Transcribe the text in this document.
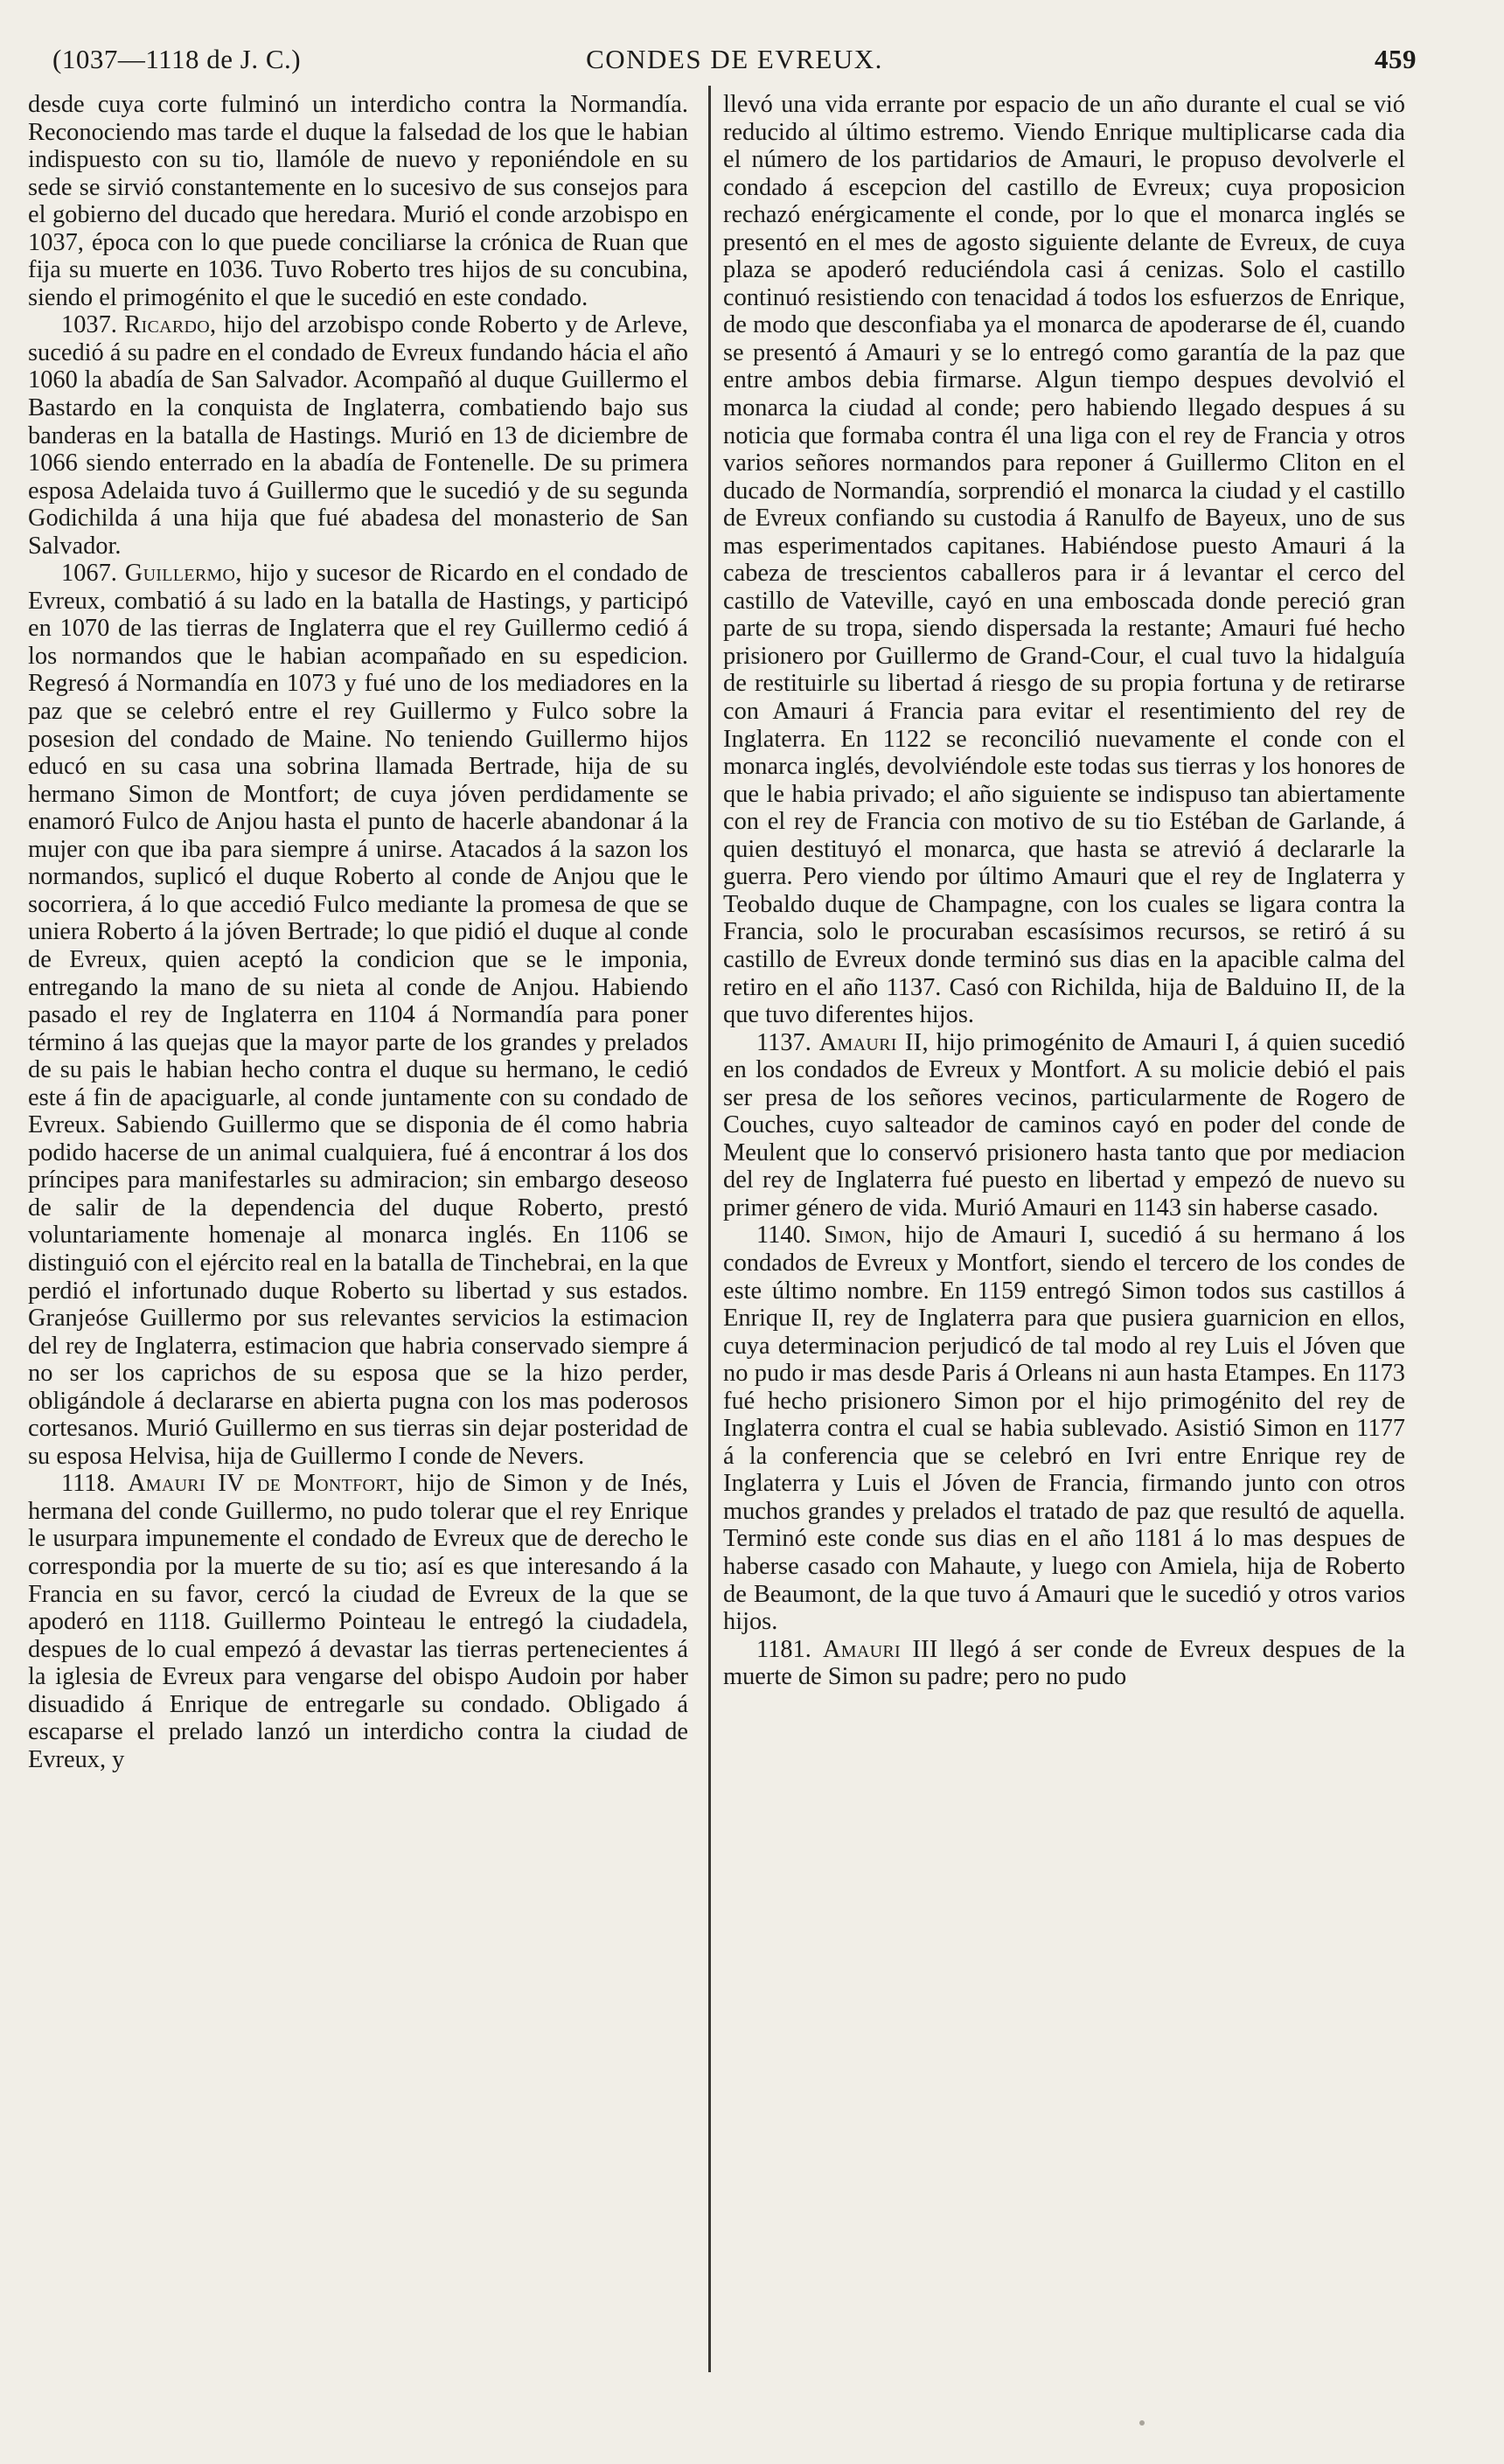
(1037—1118 de J. C.)	CONDES DE EVREUX.	459

desde cuya corte fulminó un interdicho contra la Normandía. Reconociendo mas tarde el duque la falsedad de los que le habian indispuesto con su tio, llamóle de nuevo y reponiéndole en su sede se sirvió constantemente en lo sucesivo de sus consejos para el gobierno del ducado que heredara. Murió el conde arzobispo en 1037, época con lo que puede conciliarse la crónica de Ruan que fija su muerte en 1036. Tuvo Roberto tres hijos de su concubina, siendo el primogénito el que le sucedió en este condado.

1037. Ricardo, hijo del arzobispo conde Roberto y de Arleve, sucedió á su padre en el condado de Evreux fundando hácia el año 1060 la abadía de San Salvador. Acompañó al duque Guillermo el Bastardo en la conquista de Inglaterra, combatiendo bajo sus banderas en la batalla de Hastings. Murió en 13 de diciembre de 1066 siendo enterrado en la abadía de Fontenelle. De su primera esposa Adelaida tuvo á Guillermo que le sucedió y de su segunda Godichilda á una hija que fué abadesa del monasterio de San Salvador.

1067. Guillermo, hijo y sucesor de Ricardo en el condado de Evreux, combatió á su lado en la batalla de Hastings, y participó en 1070 de las tierras de Inglaterra que el rey Guillermo cedió á los normandos que le habian acompañado en su espedicion. Regresó á Normandía en 1073 y fué uno de los mediadores en la paz que se celebró entre el rey Guillermo y Fulco sobre la posesion del condado de Maine. No teniendo Guillermo hijos educó en su casa una sobrina llamada Bertrade, hija de su hermano Simon de Montfort; de cuya jóven perdidamente se enamoró Fulco de Anjou hasta el punto de hacerle abandonar á la mujer con que iba para siempre á unirse. Atacados á la sazon los normandos, suplicó el duque Roberto al conde de Anjou que le socorriera, á lo que accedió Fulco mediante la promesa de que se uniera Roberto á la jóven Bertrade; lo que pidió el duque al conde de Evreux, quien aceptó la condicion que se le imponia, entregando la mano de su nieta al conde de Anjou. Habiendo pasado el rey de Inglaterra en 1104 á Normandía para poner término á las quejas que la mayor parte de los grandes y prelados de su pais le habian hecho contra el duque su hermano, le cedió este á fin de apaciguarle, al conde juntamente con su condado de Evreux. Sabiendo Guillermo que se disponia de él como habria podido hacerse de un animal cualquiera, fué á encontrar á los dos príncipes para manifestarles su admiracion; sin embargo deseoso de salir de la dependencia del duque Roberto, prestó voluntariamente homenaje al monarca inglés. En 1106 se distinguió con el ejército real en la batalla de Tinchebrai, en la que perdió el infortunado duque Roberto su libertad y sus estados. Granjeóse Guillermo por sus relevantes servicios la estimacion del rey de Inglaterra, estimacion que habria conservado siempre á no ser los caprichos de su esposa que se la hizo perder, obligándole á declararse en abierta pugna con los mas poderosos cortesanos. Murió Guillermo en sus tierras sin dejar posteridad de su esposa Helvisa, hija de Guillermo I conde de Nevers.

1118. Amauri IV de Montfort, hijo de Simon y de Inés, hermana del conde Guillermo, no pudo tolerar que el rey Enrique le usurpara impunemente el condado de Evreux que de derecho le correspondia por la muerte de su tio; así es que interesando á la Francia en su favor, cercó la ciudad de Evreux de la que se apoderó en 1118. Guillermo Pointeau le entregó la ciudadela, despues de lo cual empezó á devastar las tierras pertenecientes á la iglesia de Evreux para vengarse del obispo Audoin por haber disuadido á Enrique de entregarle su condado. Obligado á escaparse el prelado lanzó un interdicho contra la ciudad de Evreux, y

llevó una vida errante por espacio de un año durante el cual se vió reducido al último estremo. Viendo Enrique multiplicarse cada dia el número de los partidarios de Amauri, le propuso devolverle el condado á escepcion del castillo de Evreux; cuya proposicion rechazó enérgicamente el conde, por lo que el monarca inglés se presentó en el mes de agosto siguiente delante de Evreux, de cuya plaza se apoderó reduciéndola casi á cenizas. Solo el castillo continuó resistiendo con tenacidad á todos los esfuerzos de Enrique, de modo que desconfiaba ya el monarca de apoderarse de él, cuando se presentó á Amauri y se lo entregó como garantía de la paz que entre ambos debia firmarse. Algun tiempo despues devolvió el monarca la ciudad al conde; pero habiendo llegado despues á su noticia que formaba contra él una liga con el rey de Francia y otros varios señores normandos para reponer á Guillermo Cliton en el ducado de Normandía, sorprendió el monarca la ciudad y el castillo de Evreux confiando su custodia á Ranulfo de Bayeux, uno de sus mas esperimentados capitanes. Habiéndose puesto Amauri á la cabeza de trescientos caballeros para ir á levantar el cerco del castillo de Vateville, cayó en una emboscada donde pereció gran parte de su tropa, siendo dispersada la restante; Amauri fué hecho prisionero por Guillermo de Grand-Cour, el cual tuvo la hidalguía de restituirle su libertad á riesgo de su propia fortuna y de retirarse con Amauri á Francia para evitar el resentimiento del rey de Inglaterra. En 1122 se reconcilió nuevamente el conde con el monarca inglés, devolviéndole este todas sus tierras y los honores de que le habia privado; el año siguiente se indispuso tan abiertamente con el rey de Francia con motivo de su tio Estéban de Garlande, á quien destituyó el monarca, que hasta se atrevió á declararle la guerra. Pero viendo por último Amauri que el rey de Inglaterra y Teobaldo duque de Champagne, con los cuales se ligara contra la Francia, solo le procuraban escasísimos recursos, se retiró á su castillo de Evreux donde terminó sus dias en la apacible calma del retiro en el año 1137. Casó con Richilda, hija de Balduino II, de la que tuvo diferentes hijos.

1137. Amauri II, hijo primogénito de Amauri I, á quien sucedió en los condados de Evreux y Montfort. A su molicie debió el pais ser presa de los señores vecinos, particularmente de Rogero de Couches, cuyo salteador de caminos cayó en poder del conde de Meulent que lo conservó prisionero hasta tanto que por mediacion del rey de Inglaterra fué puesto en libertad y empezó de nuevo su primer género de vida. Murió Amauri en 1143 sin haberse casado.

1140. Simon, hijo de Amauri I, sucedió á su hermano á los condados de Evreux y Montfort, siendo el tercero de los condes de este último nombre. En 1159 entregó Simon todos sus castillos á Enrique II, rey de Inglaterra para que pusiera guarnicion en ellos, cuya determinacion perjudicó de tal modo al rey Luis el Jóven que no pudo ir mas desde Paris á Orleans ni aun hasta Etampes. En 1173 fué hecho prisionero Simon por el hijo primogénito del rey de Inglaterra contra el cual se habia sublevado. Asistió Simon en 1177 á la conferencia que se celebró en Ivri entre Enrique rey de Inglaterra y Luis el Jóven de Francia, firmando junto con otros muchos grandes y prelados el tratado de paz que resultó de aquella. Terminó este conde sus dias en el año 1181 á lo mas despues de haberse casado con Mahaute, y luego con Amiela, hija de Roberto de Beaumont, de la que tuvo á Amauri que le sucedió y otros varios hijos.

1181. Amauri III llegó á ser conde de Evreux despues de la muerte de Simon su padre; pero no pudo
